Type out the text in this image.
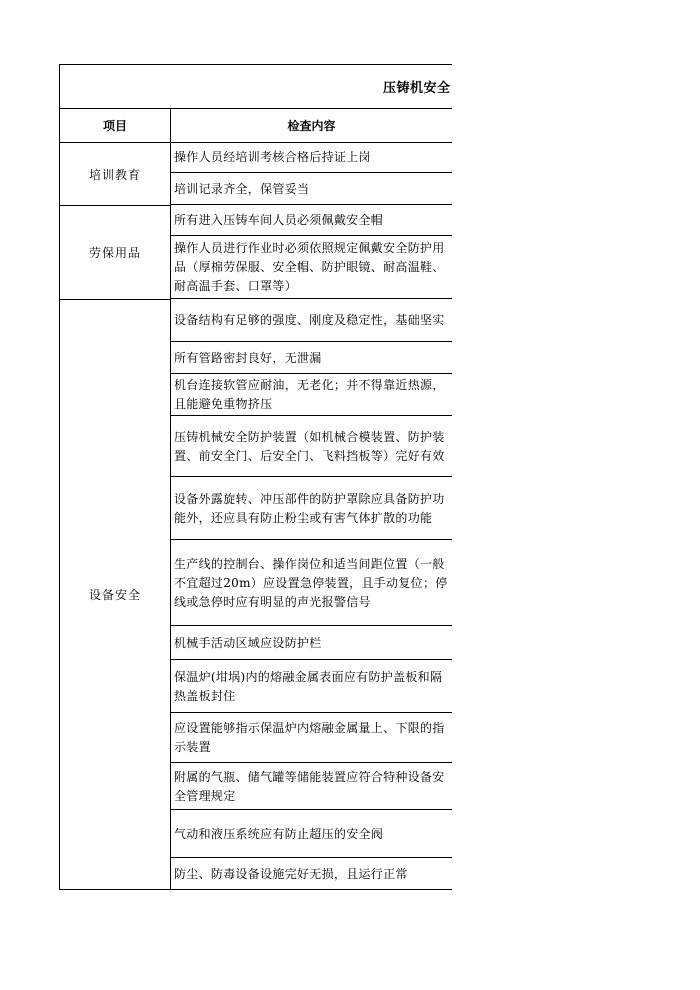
压铸机安全
项目	检查内容
培训教育
操作人员经培训考核合格后持证上岗
培训记录齐全，保管妥当
劳保用品
所有进入压铸车间人员必须佩戴安全帽
操作人员进行作业时必须依照规定佩戴安全防护用品（厚棉劳保服、安全帽、防护眼镜、耐高温鞋、耐高温手套、口罩等）
设备安全
设备结构有足够的强度、刚度及稳定性，基础坚实
所有管路密封良好，无泄漏
机台连接软管应耐油，无老化；并不得靠近热源，且能避免重物挤压
压铸机械安全防护装置（如机械合模装置、防护装置、前安全门、后安全门、飞料挡板等）完好有效
设备外露旋转、冲压部件的防护罩除应具备防护功能外，还应具有防止粉尘或有害气体扩散的功能
生产线的控制台、操作岗位和适当间距位置（一般不宜超过20m）应设置急停装置，且手动复位；停线或急停时应有明显的声光报警信号
机械手活动区域应设防护栏
保温炉(坩埚)内的熔融金属表面应有防护盖板和隔热盖板封住
应设置能够指示保温炉内熔融金属量上、下限的指示装置
附属的气瓶、储气罐等储能装置应符合特种设备安全管理规定
气动和液压系统应有防止超压的安全阀
防尘、防毒设备设施完好无损，且运行正常
